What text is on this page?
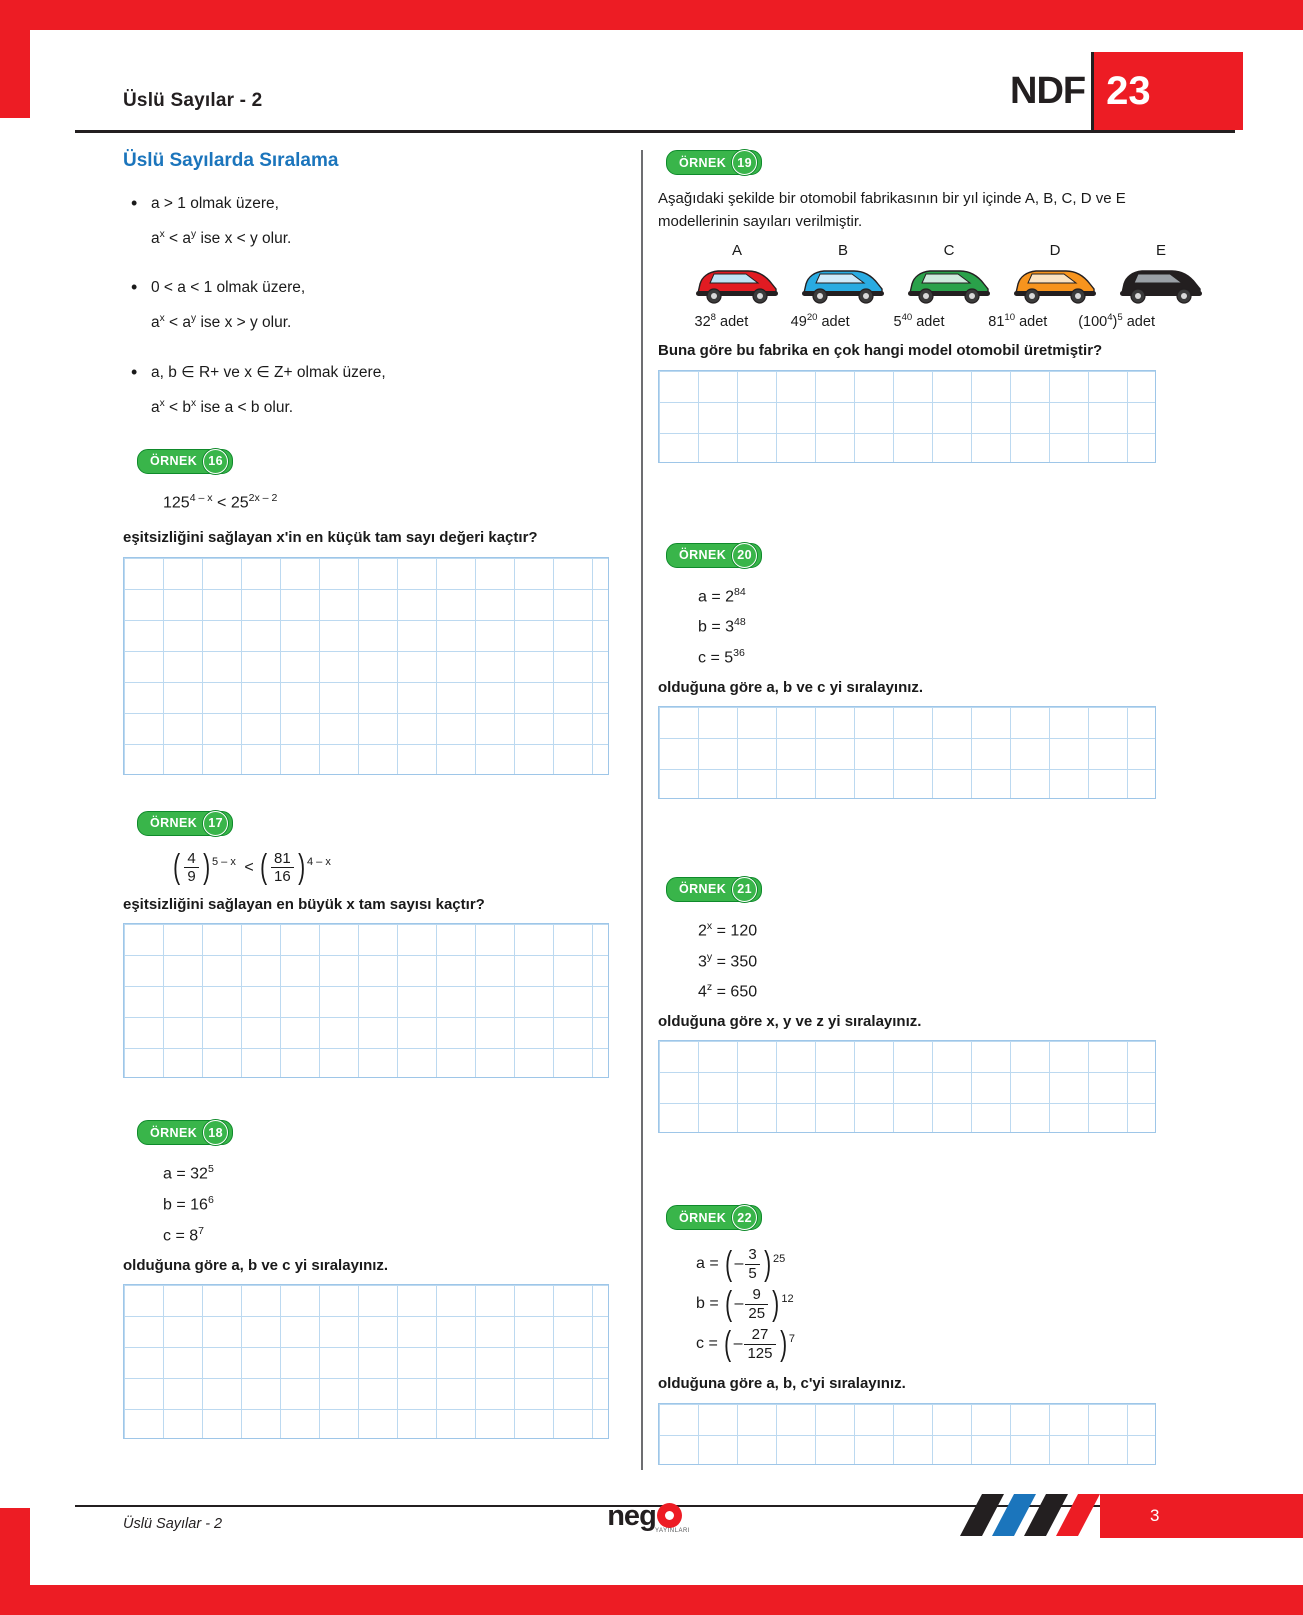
Üslü Sayılar - 2	NDF 23
Üslü Sayılarda Sıralama
• a > 1 olmak üzere,
$a^x < a^y$ ise x < y olur.
• 0 < a < 1 olmak üzere,
$a^x < a^y$ ise x > y olur.
• a, b ∈ R+ ve x ∈ Z+ olmak üzere,
$a^x < b^x$ ise a < b olur.
ÖRNEK 16
$125^{4 - x} < 25^{2x - 2}$
eşitsizliğini sağlayan x'in en küçük tam sayı değeri kaçtır?
ÖRNEK 17
( $\frac{4}{9}$ ) 5 – x < ( $\frac{81}{16}$ ) 4 – x
eşitsizliğini sağlayan en büyük x tam sayısı kaçtır?
ÖRNEK 18
$a = 32^5$
$b = 16^6$
$c = 8^7$
olduğuna göre a, b ve c yi sıralayınız.
ÖRNEK 19
Aşağıdaki şekilde bir otomobil fabrikasının bir yıl içinde A, B, C, D ve E modellerinin sayıları verilmiştir.
A	B	C	D	E
$32^8$ adet	$49^{20}$ adet	$5^{40}$ adet	$81^{10}$ adet	$(100^4)^5$ adet
Buna göre bu fabrika en çok hangi model otomobil üretmiştir?
ÖRNEK 20
$a = 2^{84}$
$b = 3^{48}$
$c = 5^{36}$
olduğuna göre a, b ve c yi sıralayınız.
ÖRNEK 21
$2^x = 120$
$3^y = 350$
$4^z = 650$
olduğuna göre x, y ve z yi sıralayınız.
ÖRNEK 22
a = ( – $\frac{3}{5}$ ) 25
b = ( – $\frac{9}{25}$ ) 12
c = ( – $\frac{27}{125}$ ) 7
olduğuna göre a, b, c'yi sıralayınız.
Üslü Sayılar - 2	neg YAYINLARI
3
